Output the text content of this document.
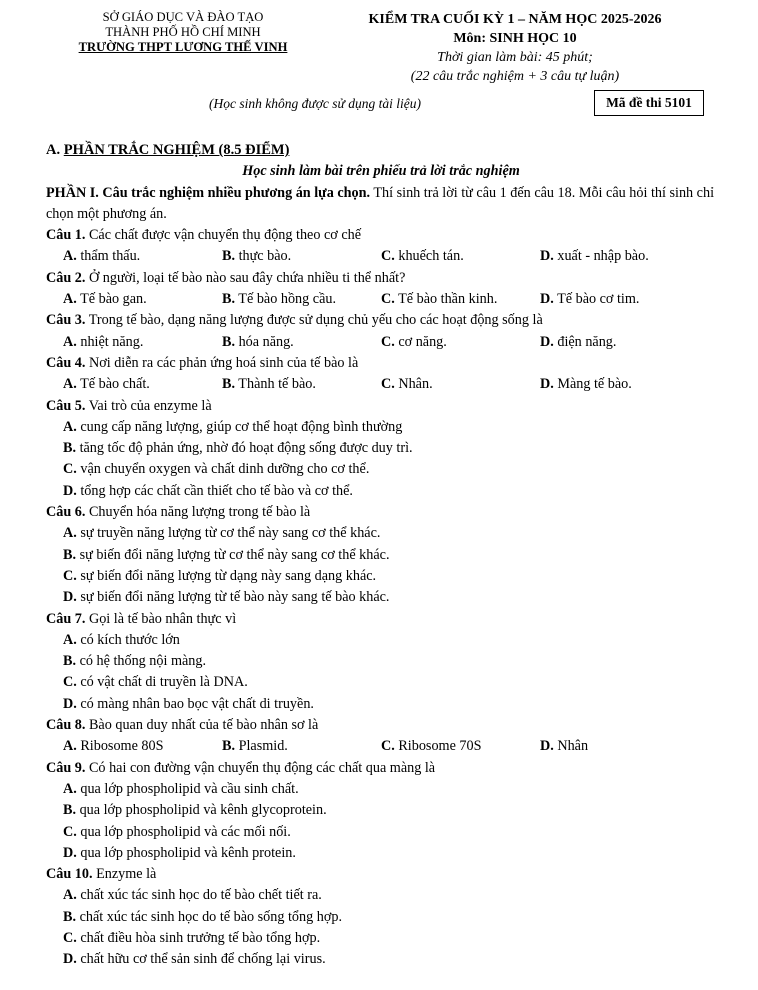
SỞ GIÁO DỤC VÀ ĐÀO TẠO
THÀNH PHỐ HỒ CHÍ MINH
TRƯỜNG THPT LƯƠNG THẾ VINH
KIỂM TRA CUỐI KỲ 1 – NĂM HỌC 2025-2026
Môn: SINH HỌC 10
Thời gian làm bài: 45 phút;
(22 câu trắc nghiệm + 3 câu tự luận)
(Học sinh không được sử dụng tài liệu)	Mã đề thi 5101
A. PHẦN TRẮC NGHIỆM (8.5 ĐIỂM)
Học sinh làm bài trên phiếu trả lời trắc nghiệm
PHẦN I. Câu trắc nghiệm nhiều phương án lựa chọn. Thí sinh trả lời từ câu 1 đến câu 18. Mỗi câu hỏi thí sinh chỉ chọn một phương án.
Câu 1. Các chất được vận chuyển thụ động theo cơ chế
A. thẩm thấu.	B. thực bào.	C. khuếch tán.	D. xuất - nhập bào.
Câu 2. Ở người, loại tế bào nào sau đây chứa nhiều ti thể nhất?
A. Tế bào gan.	B. Tế bào hồng cầu.	C. Tế bào thần kinh.	D. Tế bào cơ tim.
Câu 3. Trong tế bào, dạng năng lượng được sử dụng chủ yếu cho các hoạt động sống là
A. nhiệt năng.	B. hóa năng.	C. cơ năng.	D. điện năng.
Câu 4. Nơi diễn ra các phản ứng hoá sinh của tế bào là
A. Tế bào chất.	B. Thành tế bào.	C. Nhân.	D. Màng tế bào.
Câu 5. Vai trò của enzyme là
A. cung cấp năng lượng, giúp cơ thể hoạt động bình thường
B. tăng tốc độ phản ứng, nhờ đó hoạt động sống được duy trì.
C. vận chuyển oxygen và chất dinh dưỡng cho cơ thể.
D. tổng hợp các chất cần thiết cho tế bào và cơ thể.
Câu 6. Chuyển hóa năng lượng trong tế bào là
A. sự truyền năng lượng từ cơ thể này sang cơ thể khác.
B. sự biến đổi năng lượng từ cơ thể này sang cơ thể khác.
C. sự biến đổi năng lượng từ dạng này sang dạng khác.
D. sự biến đổi năng lượng từ tế bào này sang tế bào khác.
Câu 7. Gọi là tế bào nhân thực vì
A. có kích thước lớn
B. có hệ thống nội màng.
C. có vật chất di truyền là DNA.
D. có màng nhân bao bọc vật chất di truyền.
Câu 8. Bào quan duy nhất của tế bào nhân sơ là
A. Ribosome 80S	B. Plasmid.	C. Ribosome 70S	D. Nhân
Câu 9. Có hai con đường vận chuyển thụ động các chất qua màng là
A. qua lớp phospholipid và cầu sinh chất.
B. qua lớp phospholipid và kênh glycoprotein.
C. qua lớp phospholipid và các mối nối.
D. qua lớp phospholipid và kênh protein.
Câu 10. Enzyme là
A. chất xúc tác sinh học do tế bào chết tiết ra.
B. chất xúc tác sinh học do tế bào sống tổng hợp.
C. chất điều hòa sinh trưởng tế bào tổng hợp.
D. chất hữu cơ thể sản sinh để chống lại virus.
